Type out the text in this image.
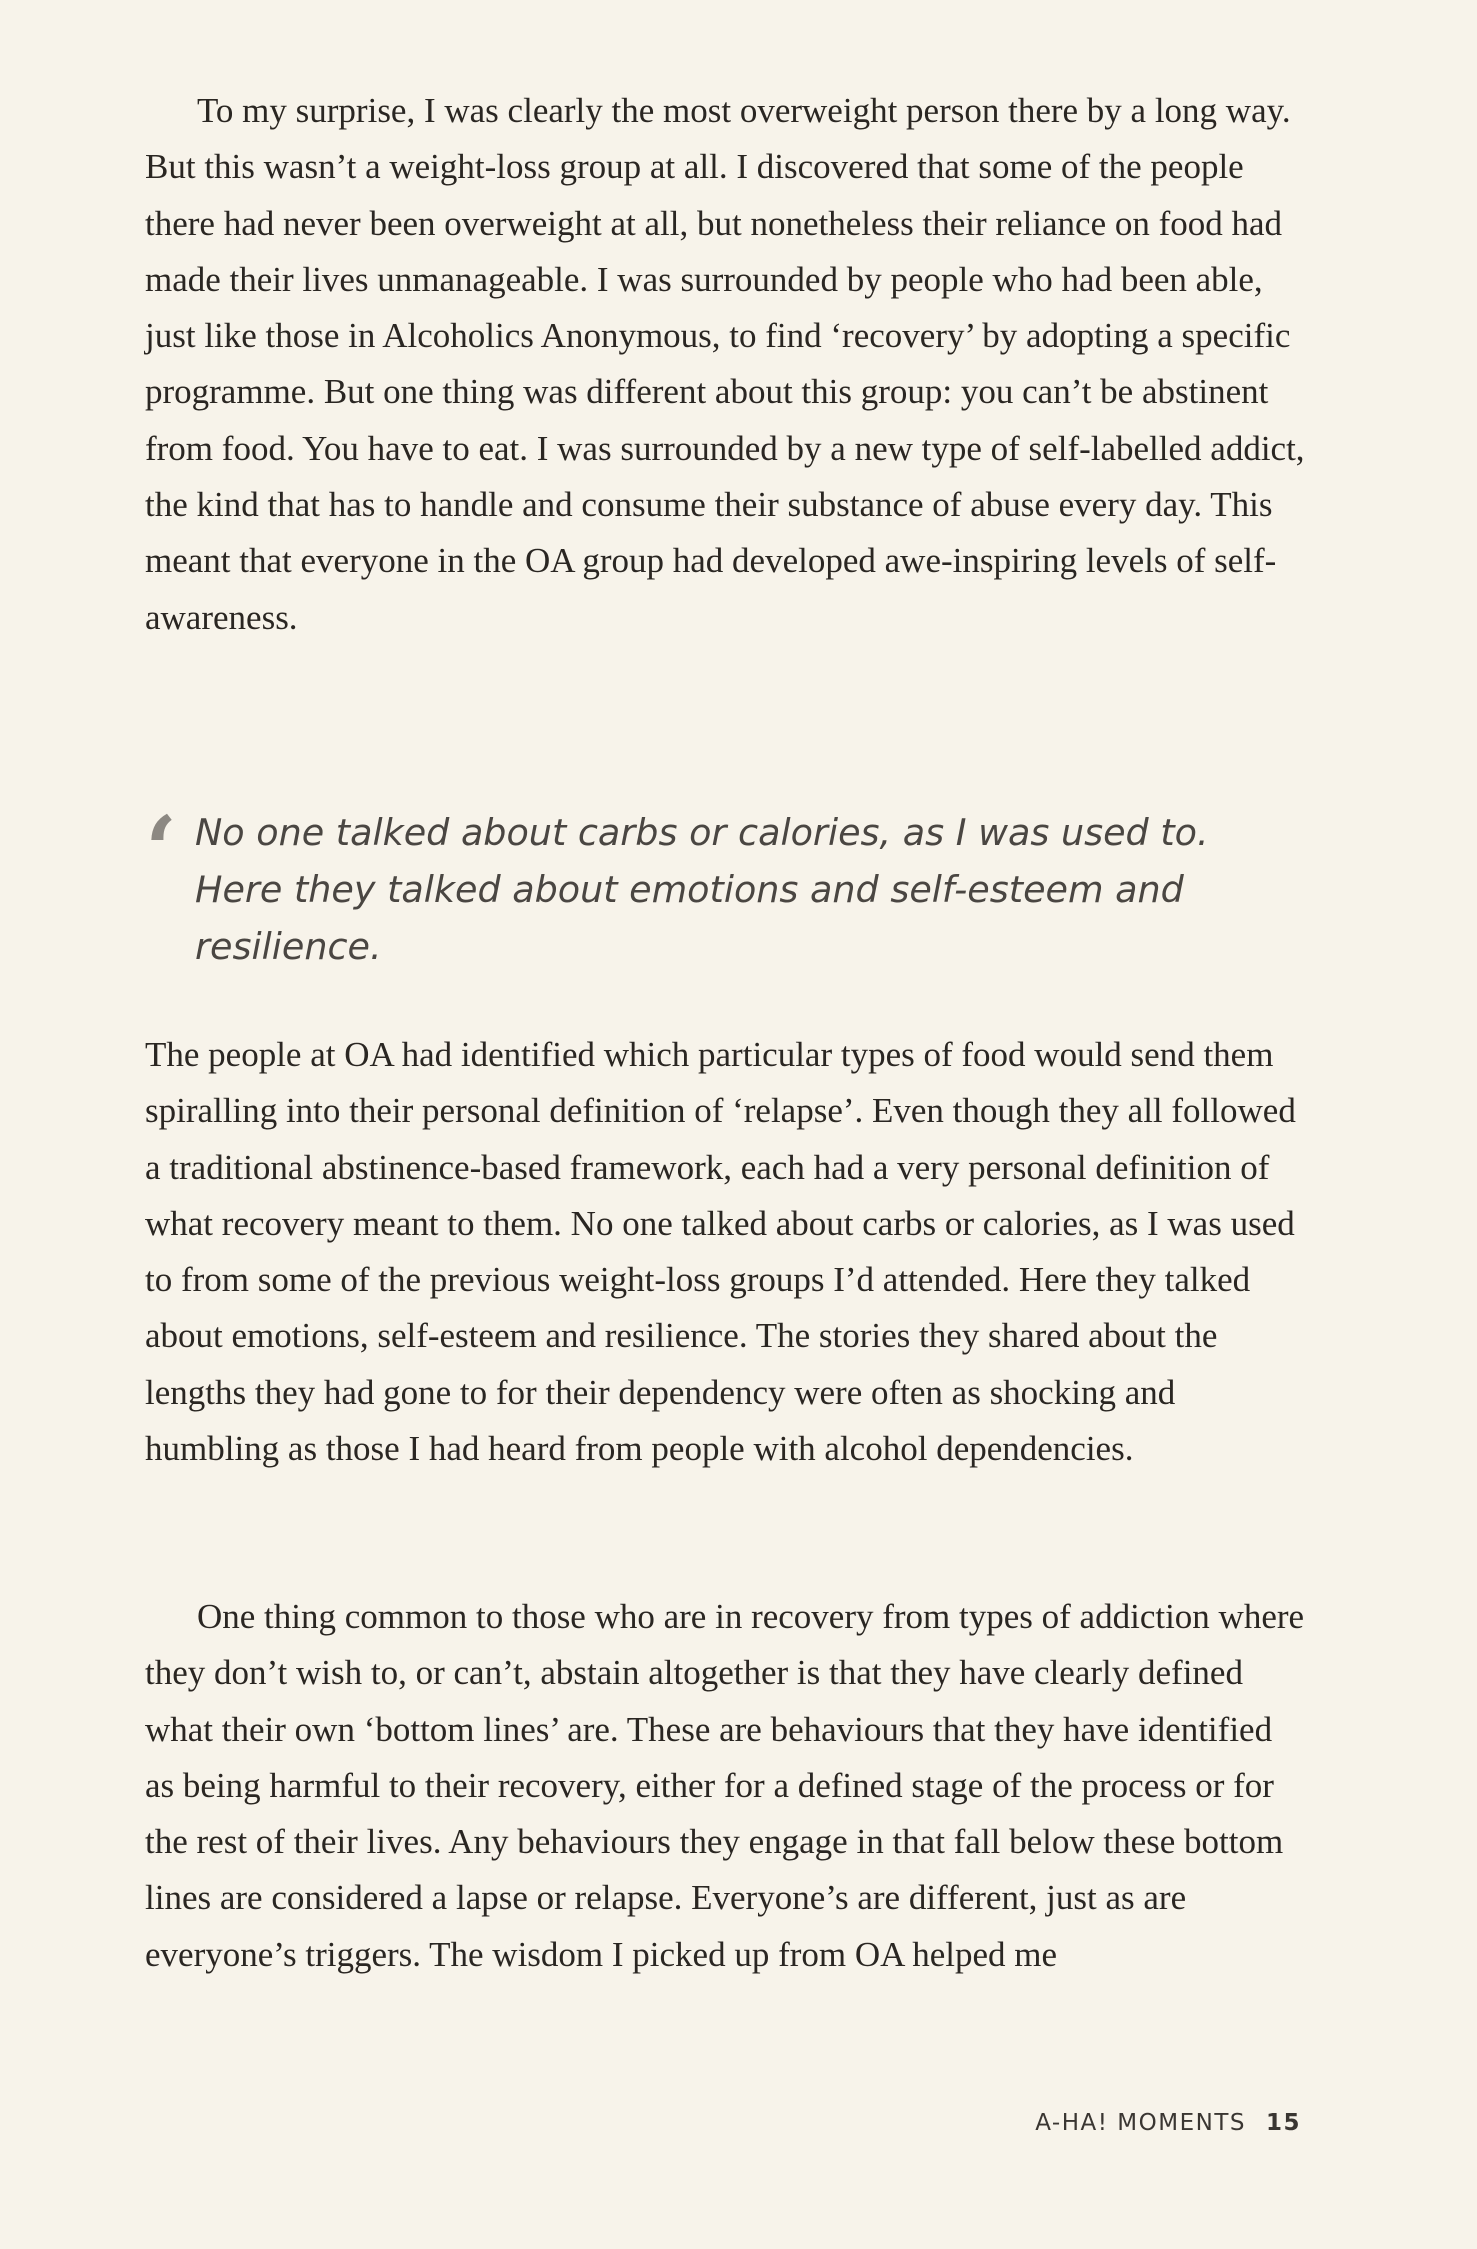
To my surprise, I was clearly the most overweight person there by a long way. But this wasn’t a weight-loss group at all. I discovered that some of the people there had never been overweight at all, but nonetheless their reliance on food had made their lives unmanageable. I was surrounded by people who had been able, just like those in Alcoholics Anonymous, to find ‘recovery’ by adopting a specific programme. But one thing was different about this group: you can’t be abstinent from food. You have to eat. I was surrounded by a new type of self-labelled addict, the kind that has to handle and consume their substance of abuse every day. This meant that everyone in the OA group had developed awe-inspiring levels of self-awareness.

‘ No one talked about carbs or calories, as I was used to. Here they talked about emotions and self-esteem and resilience.

The people at OA had identified which particular types of food would send them spiralling into their personal definition of ‘relapse’. Even though they all followed a traditional abstinence-based framework, each had a very personal definition of what recovery meant to them. No one talked about carbs or calories, as I was used to from some of the previous weight-loss groups I’d attended. Here they talked about emotions, self-esteem and resilience. The stories they shared about the lengths they had gone to for their dependency were often as shocking and humbling as those I had heard from people with alcohol dependencies.

One thing common to those who are in recovery from types of addiction where they don’t wish to, or can’t, abstain altogether is that they have clearly defined what their own ‘bottom lines’ are. These are behaviours that they have identified as being harmful to their recovery, either for a defined stage of the process or for the rest of their lives. Any behaviours they engage in that fall below these bottom lines are considered a lapse or relapse. Everyone’s are different, just as are everyone’s triggers. The wisdom I picked up from OA helped me

A-HA! MOMENTS 15
